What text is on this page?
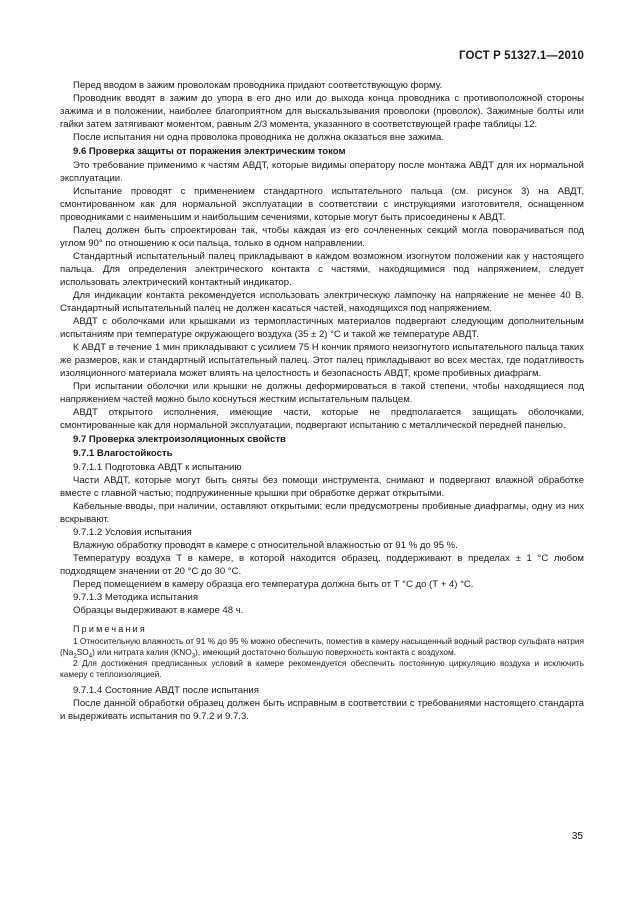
ГОСТ Р 51327.1—2010

Перед вводом в зажим проволокам проводника придают соответствующую форму.

Проводник вводят в зажим до упора в его дно или до выхода конца проводника с противоположной стороны зажима и в положении, наиболее благоприятном для выскальзывания проволоки (проволок). Зажимные болты или гайки затем затягивают моментом, равным 2/3 момента, указанного в соответствующей графе таблицы 12.

После испытания ни одна проволока проводника не должна оказаться вне зажима.

9.6 Проверка защиты от поражения электрическим током

Это требование применимо к частям АВДТ, которые видимы оператору после монтажа АВДТ для их нормальной эксплуатации.

Испытание проводят с применением стандартного испытательного пальца (см. рисунок 3) на АВДТ, смонтированном как для нормальной эксплуатации в соответствии с инструкциями изготовителя, оснащенном проводниками с наименьшим и наибольшим сечениями, которые могут быть присоединены к АВДТ.

Палец должен быть спроектирован так, чтобы каждая из его сочлененных секций могла поворачиваться под углом 90° по отношению к оси пальца, только в одном направлении.

Стандартный испытательный палец прикладывают в каждом возможном изогнутом положении как у настоящего пальца. Для определения электрического контакта с частями, находящимися под напряжением, следует использовать электрический контактный индикатор.

Для индикации контакта рекомендуется использовать электрическую лампочку на напряжение не менее 40 В. Стандартный испытательный палец не должен касаться частей, находящихся под напряжением.

АВДТ с оболочками или крышками из термопластичных материалов подвергают следующим дополнительным испытаниям при температуре окружающего воздуха (35 ± 2) °С и такой же температуре АВДТ.

К АВДТ в течение 1 мин прикладывают с усилием 75 Н кончик прямого неизогнутого испытательного пальца таких же размеров, как и стандартный испытательный палец. Этот палец прикладывают во всех местах, где податливость изоляционного материала может влиять на целостность и безопасность АВДТ, кроме пробивных диафрагм.

При испытании оболочки или крышки не должны деформироваться в такой степени, чтобы находящиеся под напряжением частей можно было коснуться жестким испытательным пальцем.

АВДТ открытого исполнения, имеющие части, которые не предполагается защищать оболочками, смонтированные как для нормальной эксплуатации, подвергают испытанию с металлической передней панелью.

9.7 Проверка электроизоляционных свойств

9.7.1 Влагостойкость

9.7.1.1 Подготовка АВДТ к испытанию

Части АВДТ, которые могут быть сняты без помощи инструмента, снимают и подвергают влажной обработке вместе с главной частью; подпружиненные крышки при обработке держат открытыми.

Кабельные вводы, при наличии, оставляют открытыми; если предусмотрены пробивные диафрагмы, одну из них вскрывают.

9.7.1.2 Условия испытания

Влажную обработку проводят в камере с относительной влажностью от 91 % до 95 %.

Температуру воздуха Т в камере, в которой находится образец, поддерживают в пределах ± 1 °С любом подходящем значении от 20 °С до 30 °С.

Перед помещением в камеру образца его температура должна быть от Т °С до (Т + 4) °С.

9.7.1.3 Методика испытания

Образцы выдерживают в камере 48 ч.

Примечания

1 Относительную влажность от 91 % до 95 % можно обеспечить, поместив в камеру насыщенный водный раствор сульфата натрия $(Na_2SO_4)$ или нитрата калия $(KNO_3)$, имеющий достаточно большую поверхность контакта с воздухом.

2 Для достижения предписанных условий в камере рекомендуется обеспечить постоянную циркуляцию воздуха и исключить камеру с теплоизоляцией.

9.7.1.4 Состояние АВДТ после испытания

После данной обработки образец должен быть исправным в соответствии с требованиями настоящего стандарта и выдерживать испытания по 9.7.2 и 9.7.3.

35
